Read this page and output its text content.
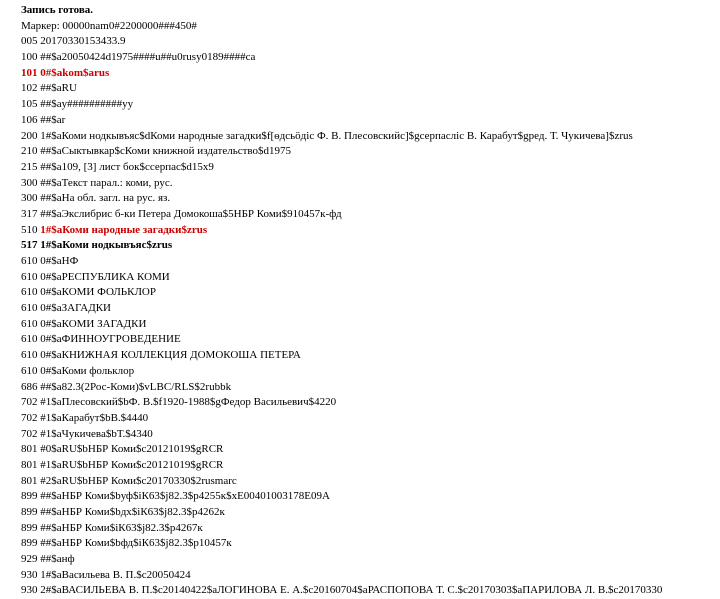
Запись готова.
Маркер: 00000nam0#2200000###450#
005 20170330153433.9
100 ##$a20050424d1975####u##u0rusy0189####ca
101 0#$akom$arus
102 ##$aRU
105 ##$ay##########yy
106 ##$ar
200 1#$aКоми нодкывъяс$dКоми народные загадки$f[ѳдсьӧдіс Ф. В. Плесовскийс]$gсерпасліс В. Карабут$gред. Т. Чукичева]$zrus
210 ##$aСыктывкар$cКоми книжной издательство$d1975
215 ##$a109, [3] лист бок$cсерпас$d15x9
300 ##$aТекст парал.: коми, рус.
300 ##$aНа обл. загл. на рус. яз.
317 ##$aЭкслибрис б-ки Петера Домокоша$5НБР Коми$910457к-фд
510 1#$aКоми народные загадки$zrus
517 1#$aКоми нодкывъяс$zrus
610 0#$aНФ
610 0#$aРЕСПУБЛИКА КОМИ
610 0#$aКОМИ ФОЛЬКЛОР
610 0#$aЗАГАДКИ
610 0#$aКОМИ ЗАГАДКИ
610 0#$aФИННОУГРОВЕДЕНИЕ
610 0#$aКНИЖНАЯ КОЛЛЕКЦИЯ ДОМОКОША ПЕТЕРА
610 0#$aКоми фольклор
686 ##$a82.3(2Рос-Коми)$vLBC/RLS$2rubbk
702 #1$aПлесовский$bФ. В.$f1920-1988$gФедор Васильевич$4220
702 #1$aКарабут$bВ.$4440
702 #1$aЧукичева$bТ.$4340
801 #0$aRU$bНБР Коми$c20121019$gRCR
801 #1$aRU$bНБР Коми$c20121019$gRCR
801 #2$aRU$bНБР Коми$c20170330$2rusmarc
899 ##$aНБР Коми$bуф$iК63$j82.3$p4255к$xЕ00401003178Е09А
899 ##$aНБР Коми$bдх$iК63$j82.3$p4262к
899 ##$aНБР Коми$iК63$j82.3$p4267к
899 ##$aНБР Коми$bфд$iК63$j82.3$p10457к
929 ##$aнф
930 1#$aВасильева В. П.$c20050424
930 2#$aВАСИЛЬЕВА В. П.$c20140422$aЛОГИНОВА Е. А.$c20160704$aРАСПОПОВА Т. С.$c20170303$aПАРИЛОВА Л. В.$c20170330
